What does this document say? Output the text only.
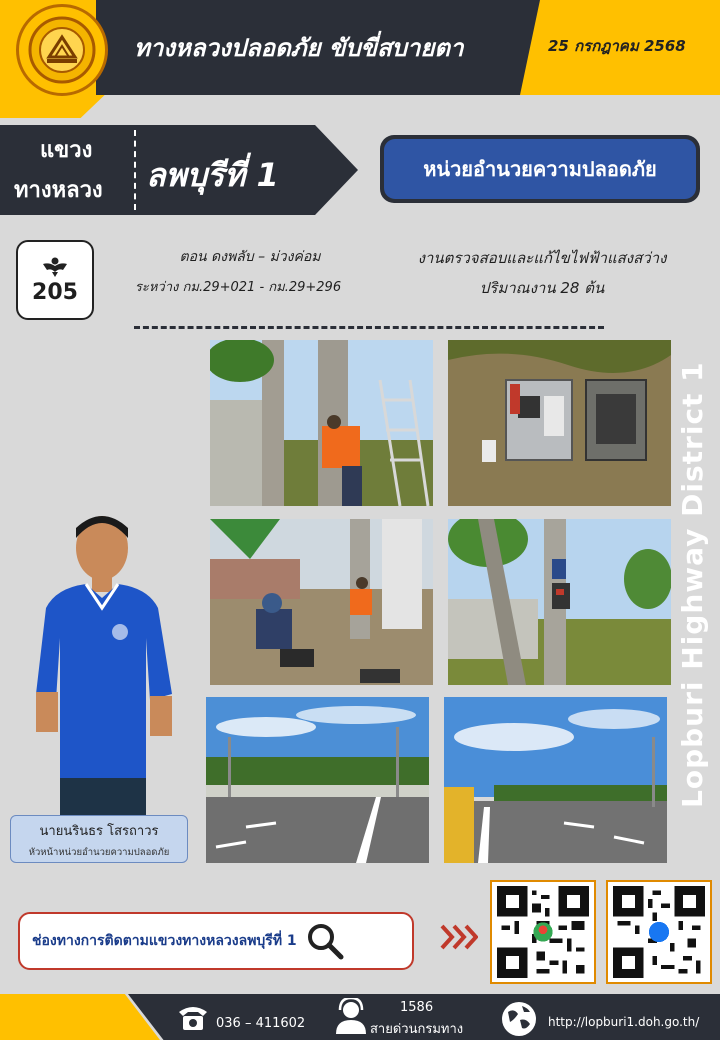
ทางหลวงปลอดภัย ขับขี่สบายตา	25 กรกฎาคม 2568
แขวง
ทางหลวง ลพบุรีที่ 1	หน่วยอำนวยความปลอดภัย
205
ตอน ดงพลับ – ม่วงค่อม
ระหว่าง กม.29+021 - กม.29+296
งานตรวจสอบและแก้ไขไฟฟ้าแสงสว่าง
ปริมาณงาน 28 ต้น
นายนรินธร โสรถาวร
หัวหน้าหน่วยอำนวยความปลอดภัย
Lopburi Highway District 1
ช่องทางการติดตามแขวงทางหลวงลพบุรีที่ 1
036 – 411602
1586
สายด่วนกรมทาง	http://lopburi1.doh.go.th/
